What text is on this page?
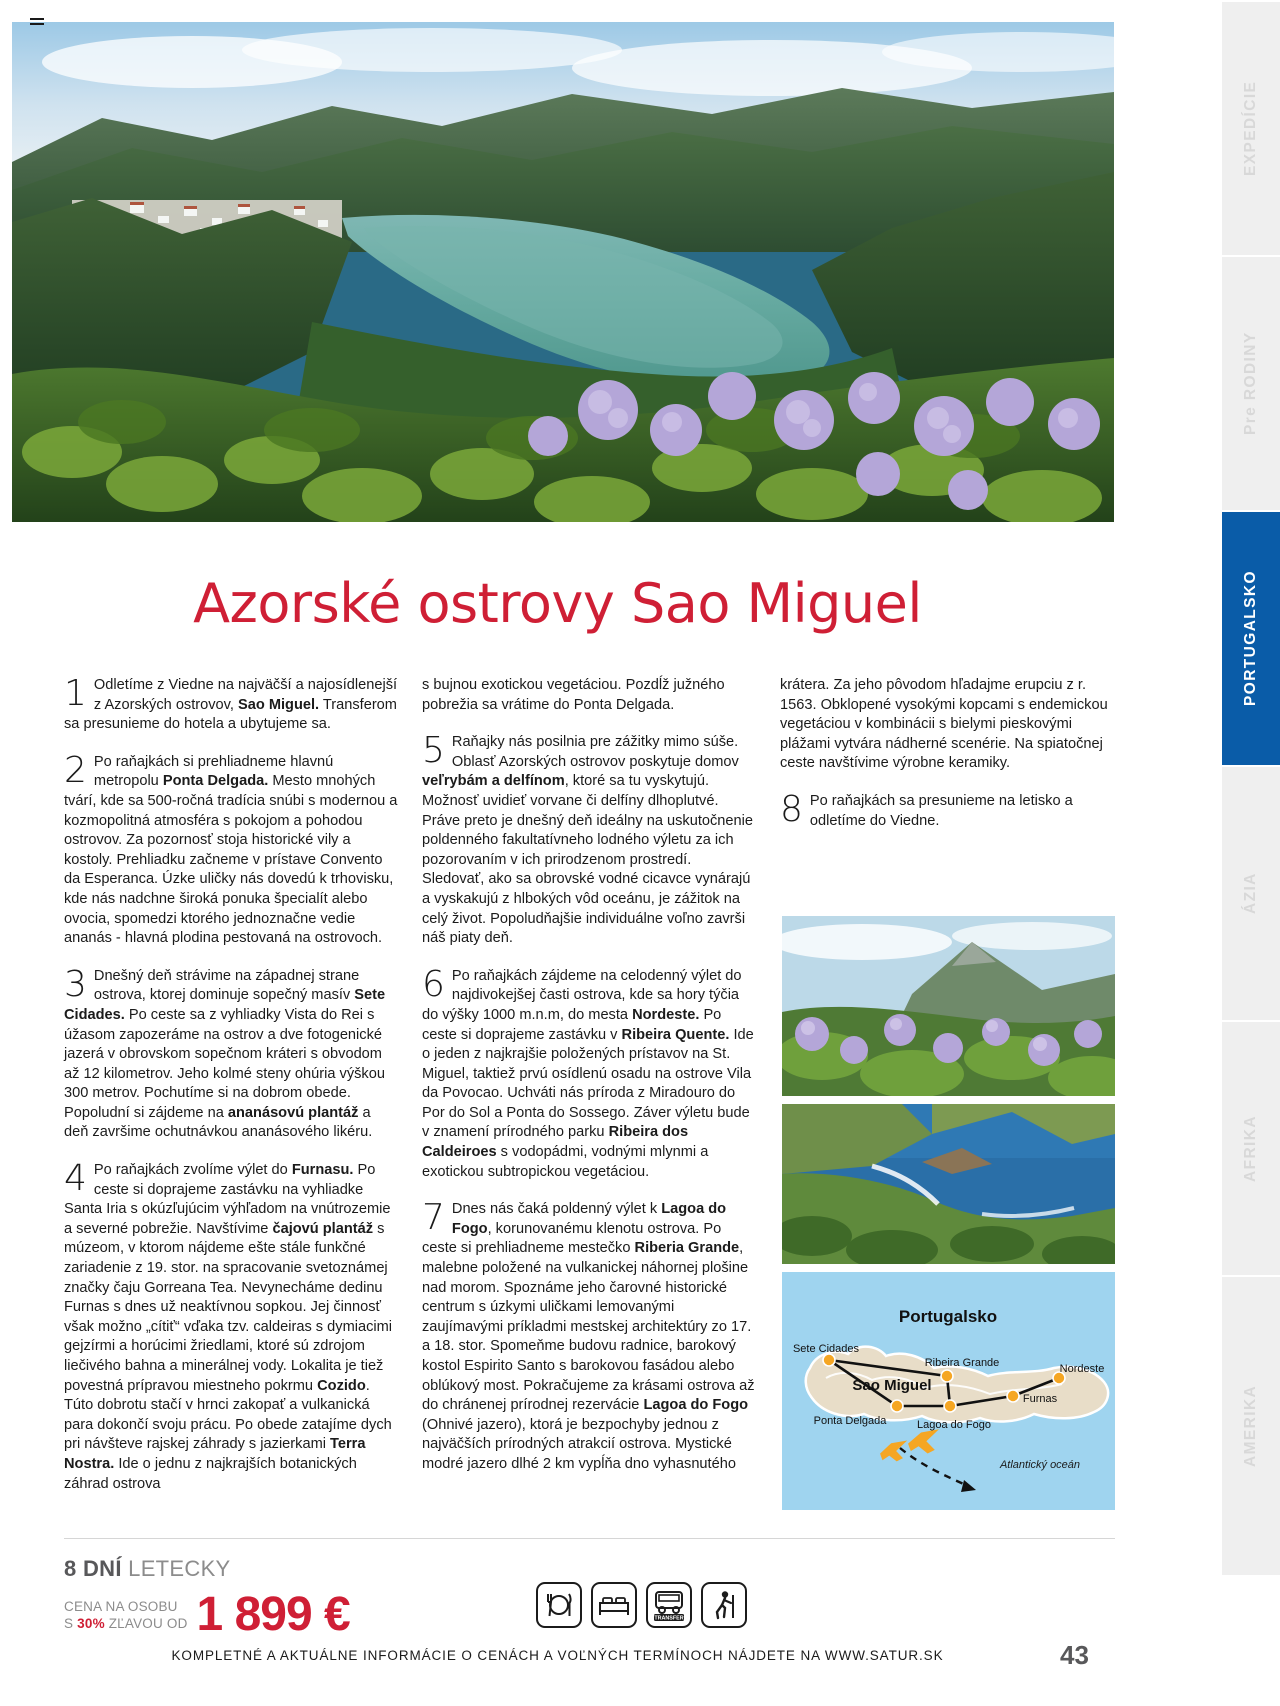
Azorské ostrovy Sao Miguel
1 Odletíme z Viedne na najväčší a najosídlenejší z Azorských ostrovov, Sao Miguel. Transferom sa presunieme do hotela a ubytujeme sa.
2 Po raňajkách si prehliadneme hlavnú metropolu Ponta Delgada. Mesto mnohých tvárí, kde sa 500-ročná tradícia snúbi s modernou a kozmopolitná atmosféra s pokojom a pohodou ostrovov. Za pozornosť stoja historické vily a kostoly. Prehliadku začneme v prístave Convento da Esperanca. Úzke uličky nás dovedú k trhovisku, kde nás nadchne široká ponuka špecialít alebo ovocia, spomedzi ktorého jednoznačne vedie ananás - hlavná plodina pestovaná na ostrovoch.
3 Dnešný deň strávime na západnej strane ostrova, ktorej dominuje sopečný masív Sete Cidades. Po ceste sa z vyhliadky Vista do Rei s úžasom zapozeráme na ostrov a dve fotogenické jazerá v obrovskom sopečnom kráteri s obvodom až 12 kilometrov. Jeho kolmé steny ohúria výškou 300 metrov. Pochutíme si na dobrom obede. Popoludní si zájdeme na ananásovú plantáž a deň završime ochutnávkou ananásového likéru.
4 Po raňajkách zvolíme výlet do Furnasu. Po ceste si doprajeme zastávku na vyhliadke Santa Iria s okúzľujúcim výhľadom na vnútrozemie a severné pobrežie. Navštívime čajovú plantáž s múzeom, v ktorom nájdeme ešte stále funkčné zariadenie z 19. stor. na spracovanie svetoznámej značky čaju Gorreana Tea. Nevynecháme dedinu Furnas s dnes už neaktívnou sopkou. Jej činnosť však možno „cítiť“ vďaka tzv. caldeiras s dymiacimi gejzírmi a horúcimi žriedlami, ktoré sú zdrojom liečivého bahna a minerálnej vody. Lokalita je tiež povestná prípravou miestneho pokrmu Cozido. Túto dobrotu stačí v hrnci zakopať a vulkanická para dokončí svoju prácu. Po obede zatajíme dych pri návšteve rajskej záhrady s jazierkami Terra Nostra. Ide o jednu z najkrajších botanických záhrad ostrova
s bujnou exotickou vegetáciou. Pozdĺž južného pobrežia sa vrátime do Ponta Delgada.
5 Raňajky nás posilnia pre zážitky mimo súše. Oblasť Azorských ostrovov poskytuje domov veľrybám a delfínom, ktoré sa tu vyskytujú. Možnosť uvidieť vorvane či delfíny dlhoplutvé. Práve preto je dnešný deň ideálny na uskutočnenie poldenného fakultatívneho lodného výletu za ich pozorovaním v ich prirodzenom prostredí. Sledovať, ako sa obrovské vodné cicavce vynárajú a vyskakujú z hlbokých vôd oceánu, je zážitok na celý život. Popoludňajšie individuálne voľno završi náš piaty deň.
6 Po raňajkách zájdeme na celodenný výlet do najdivokejšej časti ostrova, kde sa hory týčia do výšky 1000 m.n.m, do mesta Nordeste. Po ceste si doprajeme zastávku v Ribeira Quente. Ide o jeden z najkrajšie položených prístavov na St. Miguel, taktiež prvú osídlenú osadu na ostrove Vila da Povocao. Uchváti nás príroda z Miradouro do Por do Sol a Ponta do Sossego. Záver výletu bude v znamení prírodného parku Ribeira dos Caldeiroes s vodopádmi, vodnými mlynmi a exotickou subtropickou vegetáciou.
7 Dnes nás čaká poldenný výlet k Lagoa do Fogo, korunovanému klenotu ostrova. Po ceste si prehliadneme mestečko Riberia Grande, malebne položené na vulkanickej náhornej plošine nad morom. Spoznáme jeho čarovné historické centrum s úzkymi uličkami lemovanými zaujímavými príkladmi mestskej architektúry zo 17. a 18. stor. Spomeňme budovu radnice, barokový kostol Espirito Santo s barokovou fasádou alebo oblúkový most. Pokračujeme za krásami ostrova až do chránenej prírodnej rezervácie Lagoa do Fogo (Ohnivé jazero), ktorá je bezpochyby jednou z najväčších prírodných atrakcií ostrova. Mystické modré jazero dlhé 2 km vypĺňa dno vyhasnutého
krátera. Za jeho pôvodom hľadajme erupciu z r. 1563. Obklopené vysokými kopcami s endemickou vegetáciou v kombinácii s bielymi pieskovými plážami vytvára nádherné scenérie. Na spiatočnej ceste navštívime výrobne keramiky.
8 Po raňajkách sa presunieme na letisko a odletíme do Viedne.
Portugalsko
Sao Miguel
Sete Cidades
Ponta Delgada
Ribeira Grande
Lagoa do Fogo
Furnas
Nordeste
Atlantický oceán
8 DNÍ LETECKY
CENA NA OSOBU
S 30% ZĽAVOU OD 1 899 €	TRANSFER
KOMPLETNÉ A AKTUÁLNE INFORMÁCIE O CENÁCH A VOĽNÝCH TERMÍNOCH NÁJDETE NA WWW.SATUR.SK	43
EXPEDÍCIE
Pre RODINY
PORTUGALSKO
ÁZIA
AFRIKA
AMERIKA
